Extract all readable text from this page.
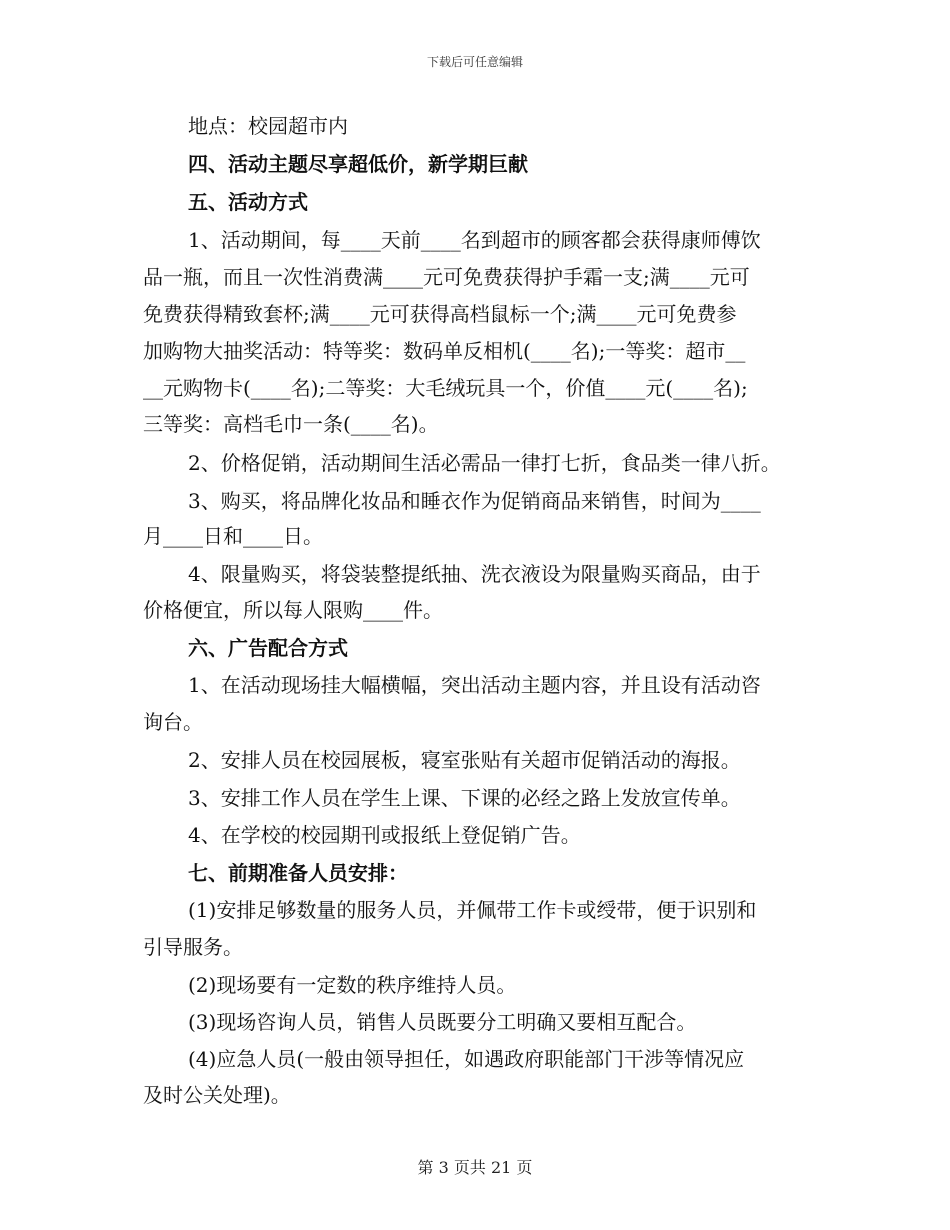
下载后可任意编辑
地点：校园超市内
四、活动主题尽享超低价，新学期巨献
五、活动方式
1、活动期间，每____天前____名到超市的顾客都会获得康师傅饮
品一瓶，而且一次性消费满____元可免费获得护手霜一支;满____元可
免费获得精致套杯;满____元可获得高档鼠标一个;满____元可免费参
加购物大抽奖活动：特等奖：数码单反相机(____名);一等奖：超市__
__元购物卡(____名);二等奖：大毛绒玩具一个，价值____元(____名);
三等奖：高档毛巾一条(____名)。
2、价格促销，活动期间生活必需品一律打七折，食品类一律八折。
3、购买，将品牌化妆品和睡衣作为促销商品来销售，时间为____
月____日和____日。
4、限量购买，将袋装整提纸抽、洗衣液设为限量购买商品，由于
价格便宜，所以每人限购____件。
六、广告配合方式
1、在活动现场挂大幅横幅，突出活动主题内容，并且设有活动咨
询台。
2、安排人员在校园展板，寝室张贴有关超市促销活动的海报。
3、安排工作人员在学生上课、下课的必经之路上发放宣传单。
4、在学校的校园期刊或报纸上登促销广告。
七、前期准备人员安排：
(1)安排足够数量的服务人员，并佩带工作卡或绶带，便于识别和
引导服务。
(2)现场要有一定数的秩序维持人员。
(3)现场咨询人员，销售人员既要分工明确又要相互配合。
(4)应急人员(一般由领导担任，如遇政府职能部门干涉等情况应
及时公关处理)。
第 3 页共 21 页
